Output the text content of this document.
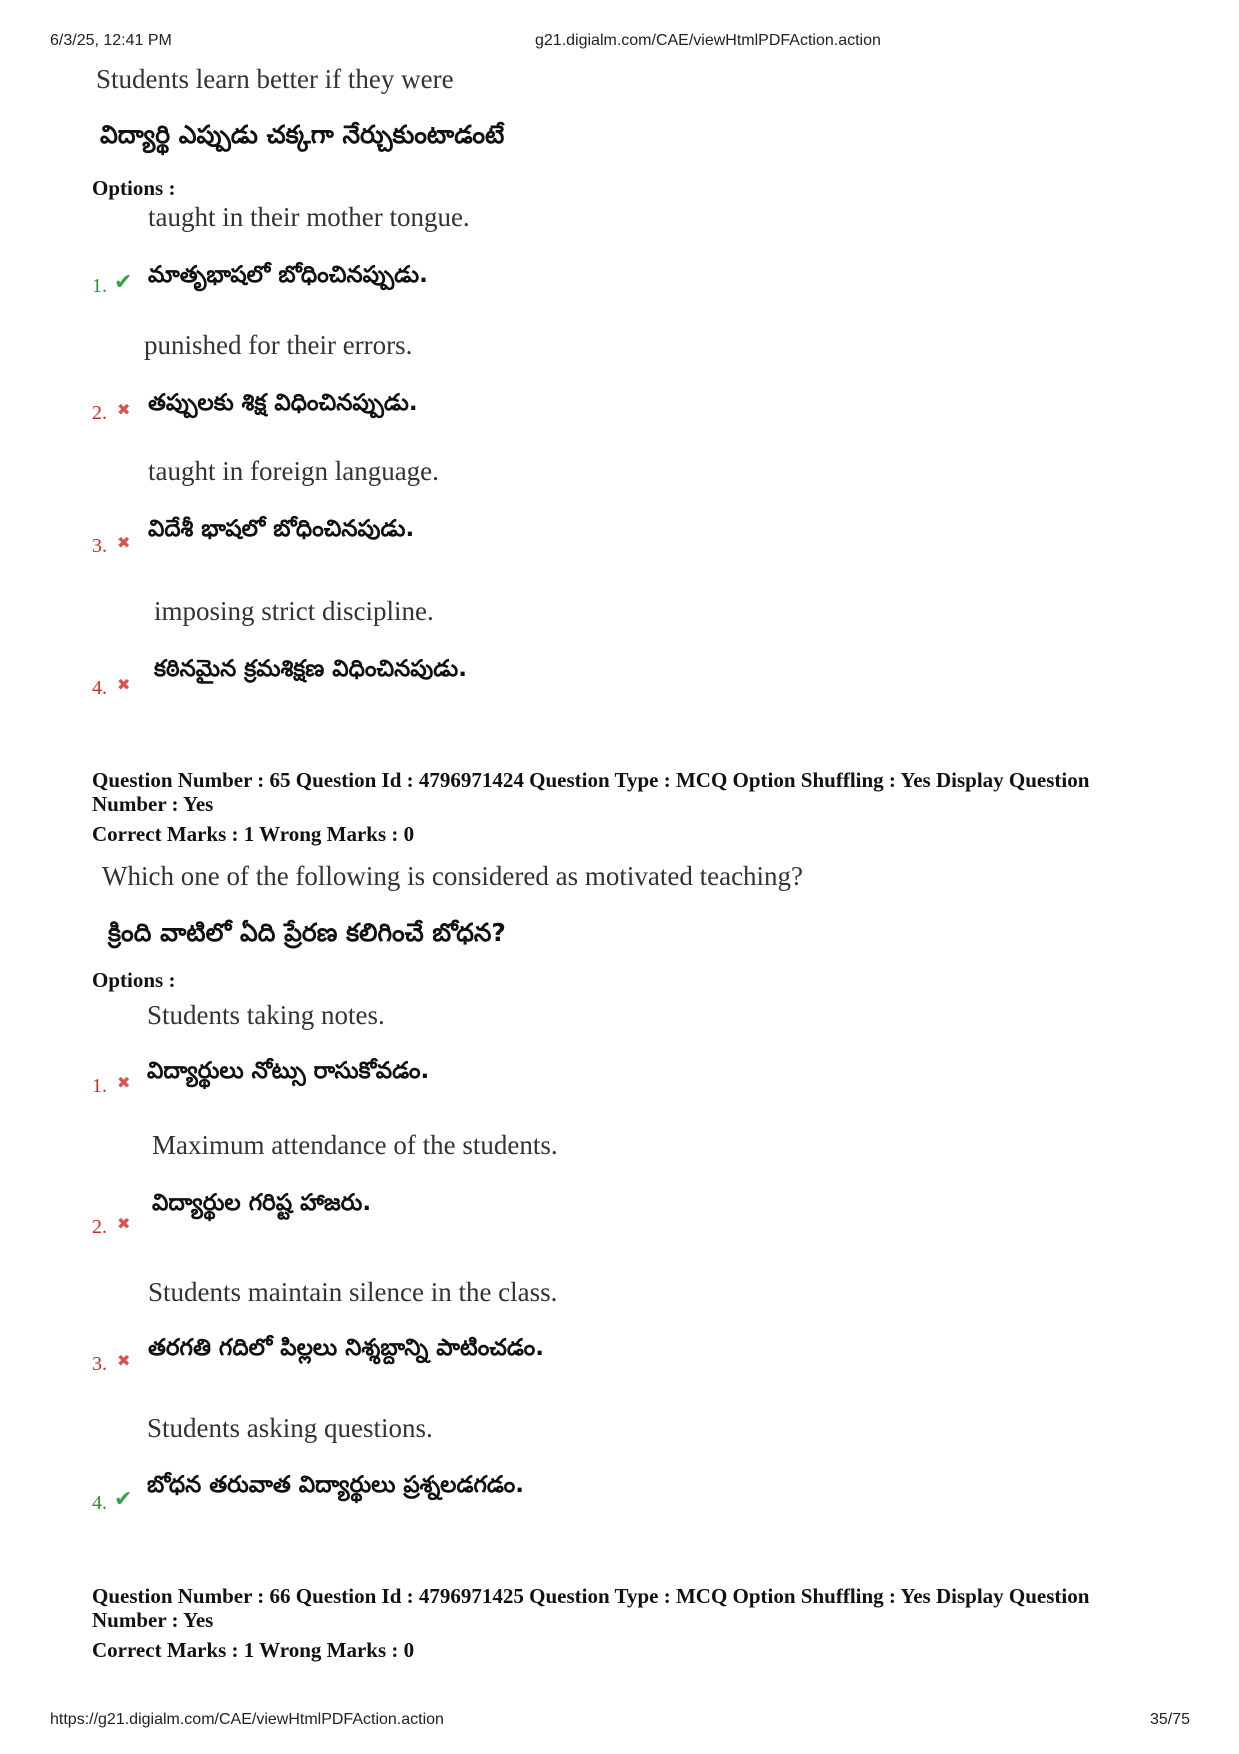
6/3/25, 12:41 PM	g21.digialm.com/CAE/viewHtmlPDFAction.action
Students learn better if they were
విద్యార్థి ఎప్పుడు చక్కగా నేర్చుకుంటాడంటే
Options :
taught in their mother tongue.
1. ✔ మాతృభాషలో బోధించినప్పుడు.
punished for their errors.
2. ✖ తప్పులకు శిక్ష విధించినప్పుడు.
taught in foreign language.
3. ✖
విదేశీ భాషలో బోధించినపుడు.
imposing strict discipline.
4. ✖
కఠినమైన క్రమశిక్షణ విధించినపుడు.
Question Number : 65 Question Id : 4796971424 Question Type : MCQ Option Shuffling : Yes Display Question
Number : Yes
Correct Marks : 1 Wrong Marks : 0
Which one of the following is considered as motivated teaching?
క్రింది వాటిలో ఏది ప్రేరణ కలిగించే బోధన?
Options :
Students taking notes.
1. ✖ విద్యార్థులు నోట్సు రాసుకోవడం.
Maximum attendance of the students.
2. ✖
విద్యార్థుల గరిష్ట హాజరు.
Students maintain silence in the class.
3. ✖ తరగతి గదిలో పిల్లలు నిశ్శబ్దాన్ని పాటించడం.
Students asking questions.
4. ✔
బోధన తరువాత విద్యార్థులు ప్రశ్నలడగడం.
Question Number : 66 Question Id : 4796971425 Question Type : MCQ Option Shuffling : Yes Display Question
Number : Yes
Correct Marks : 1 Wrong Marks : 0
https://g21.digialm.com/CAE/viewHtmlPDFAction.action	35/75
